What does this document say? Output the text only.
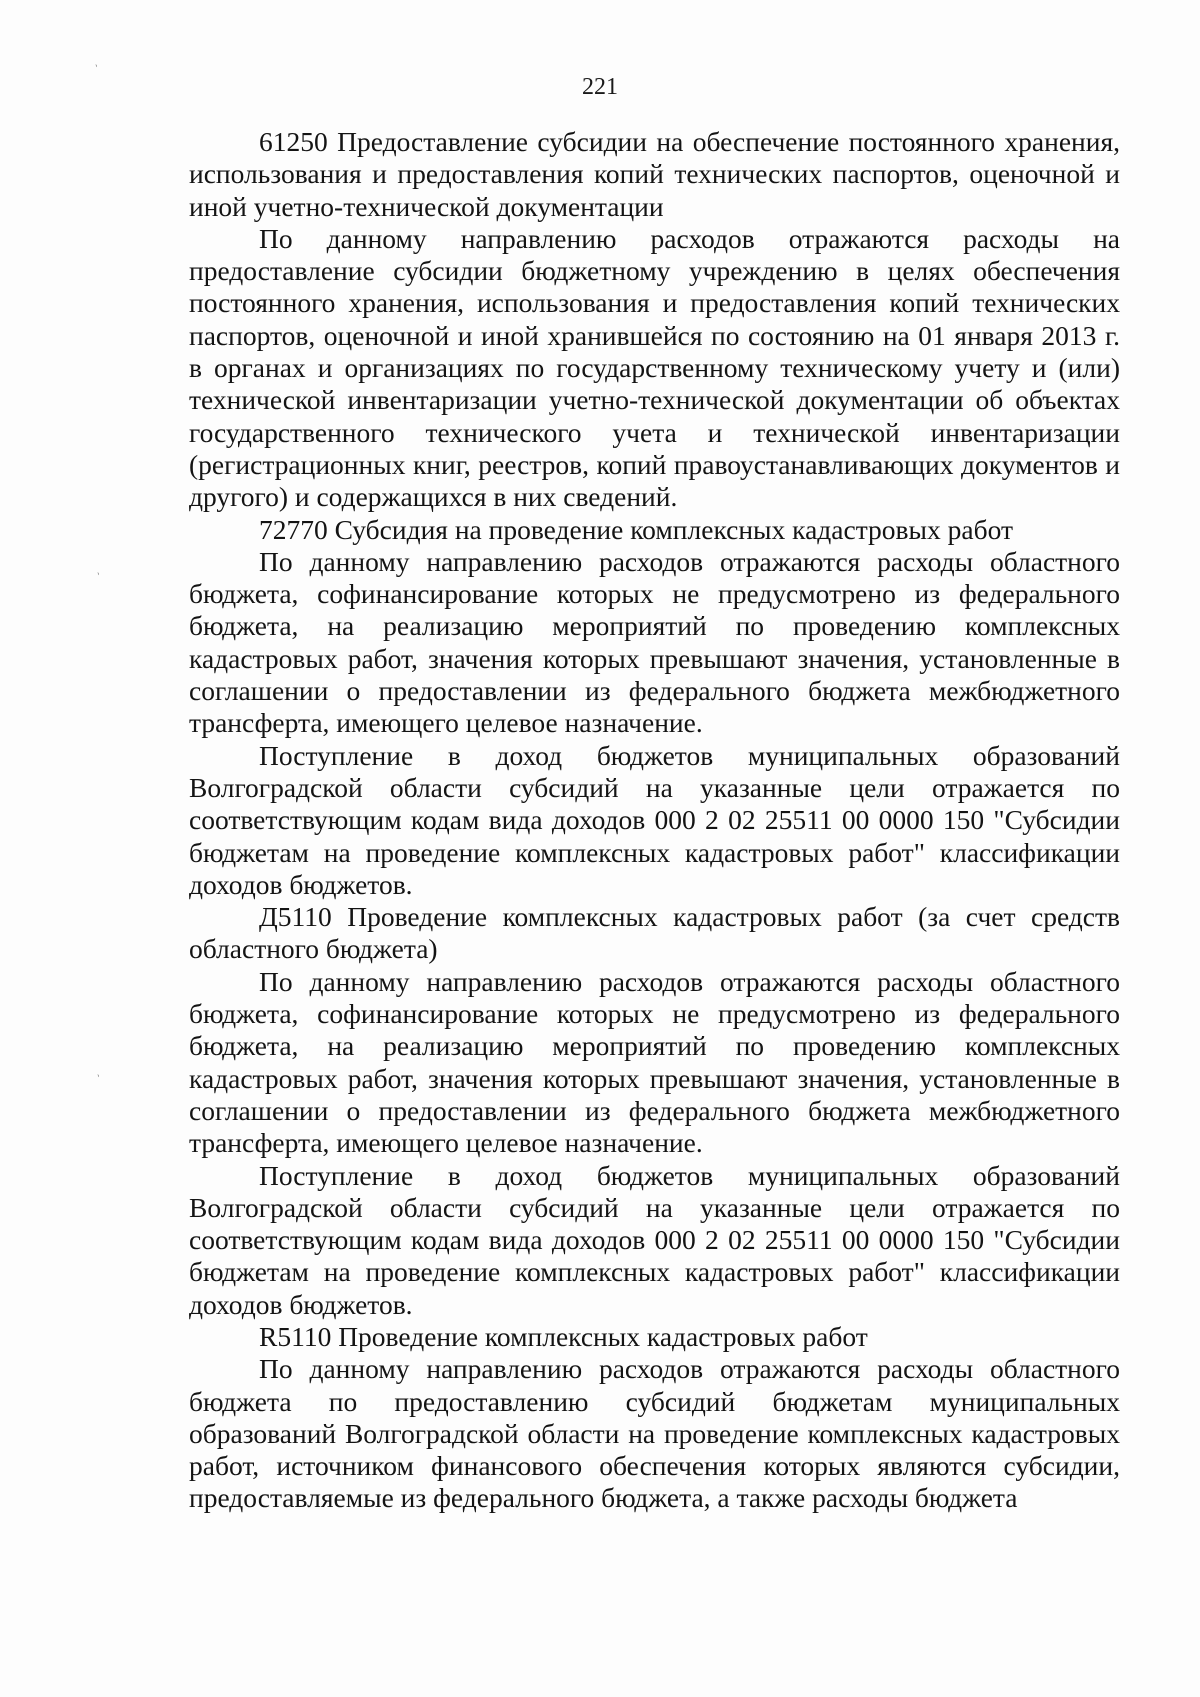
`
`
`
221

61250 Предоставление субсидии на обеспечение постоянного хранения, использования и предоставления копий технических паспортов, оценочной и иной учетно-технической документации

По данному направлению расходов отражаются расходы на предоставление субсидии бюджетному учреждению в целях обеспечения постоянного хранения, использования и предоставления копий технических паспортов, оценочной и иной хранившейся по состоянию на 01 января 2013 г. в органах и организациях по государственному техническому учету и (или) технической инвентаризации учетно-технической документации об объектах государственного технического учета и технической инвентаризации (регистрационных книг, реестров, копий правоустанавливающих документов и другого) и содержащихся в них сведений.

72770 Субсидия на проведение комплексных кадастровых работ

По данному направлению расходов отражаются расходы областного бюджета, софинансирование которых не предусмотрено из федерального бюджета, на реализацию мероприятий по проведению комплексных кадастровых работ, значения которых превышают значения, установленные в соглашении о предоставлении из федерального бюджета межбюджетного трансферта, имеющего целевое назначение.

Поступление в доход бюджетов муниципальных образований Волгоградской области субсидий на указанные цели отражается по соответствующим кодам вида доходов 000 2 02 25511 00 0000 150 "Субсидии бюджетам на проведение комплексных кадастровых работ" классификации доходов бюджетов.

Д5110 Проведение комплексных кадастровых работ (за счет средств областного бюджета)

По данному направлению расходов отражаются расходы областного бюджета, софинансирование которых не предусмотрено из федерального бюджета, на реализацию мероприятий по проведению комплексных кадастровых работ, значения которых превышают значения, установленные в соглашении о предоставлении из федерального бюджета межбюджетного трансферта, имеющего целевое назначение.

Поступление в доход бюджетов муниципальных образований Волгоградской области субсидий на указанные цели отражается по соответствующим кодам вида доходов 000 2 02 25511 00 0000 150 "Субсидии бюджетам на проведение комплексных кадастровых работ" классификации доходов бюджетов.

R5110 Проведение комплексных кадастровых работ

По данному направлению расходов отражаются расходы областного бюджета по предоставлению субсидий бюджетам муниципальных образований Волгоградской области на проведение комплексных кадастровых работ, источником финансового обеспечения которых являются субсидии, предоставляемые из федерального бюджета, а также расходы бюджета
